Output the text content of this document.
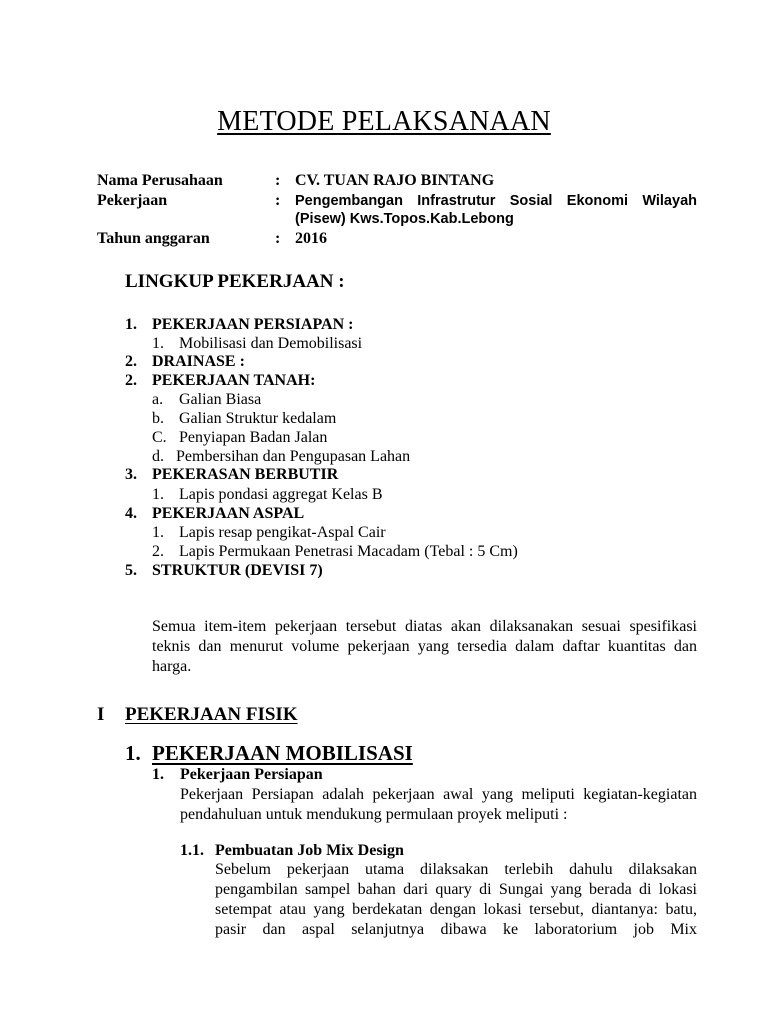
METODE PELAKSANAAN
Nama Perusahaan	: CV. TUAN RAJO BINTANG
Pekerjaan	: Pengembangan Infrastrutur Sosial Ekonomi Wilayah
(Pisew) Kws.Topos.Kab.Lebong
Tahun anggaran	: 2016
LINGKUP PEKERJAAN :
1. PEKERJAAN PERSIAPAN :
1. Mobilisasi dan Demobilisasi
2. DRAINASE :
2. PEKERJAAN TANAH:
a. Galian Biasa
b. Galian Struktur kedalam
C. Penyiapan Badan Jalan
d. Pembersihan dan Pengupasan Lahan
3. PEKERASAN BERBUTIR
1. Lapis pondasi aggregat Kelas B
4. PEKERJAAN ASPAL
1. Lapis resap pengikat-Aspal Cair
2. Lapis Permukaan Penetrasi Macadam (Tebal : 5 Cm)
5. STRUKTUR (DEVISI 7)
Semua item-item pekerjaan tersebut diatas akan dilaksanakan sesuai spesifikasi
teknis dan menurut volume pekerjaan yang tersedia dalam daftar kuantitas dan
harga.
I PEKERJAAN FISIK
1. PEKERJAAN MOBILISASI
1. Pekerjaan Persiapan
Pekerjaan Persiapan adalah pekerjaan awal yang meliputi kegiatan-kegiatan
pendahuluan untuk mendukung permulaan proyek meliputi :
1.1. Pembuatan Job Mix Design
Sebelum pekerjaan utama dilaksakan terlebih dahulu dilaksakan
pengambilan sampel bahan dari quary di Sungai yang berada di lokasi
setempat atau yang berdekatan dengan lokasi tersebut, diantanya: batu,
pasir dan aspal selanjutnya dibawa ke laboratorium job Mix
